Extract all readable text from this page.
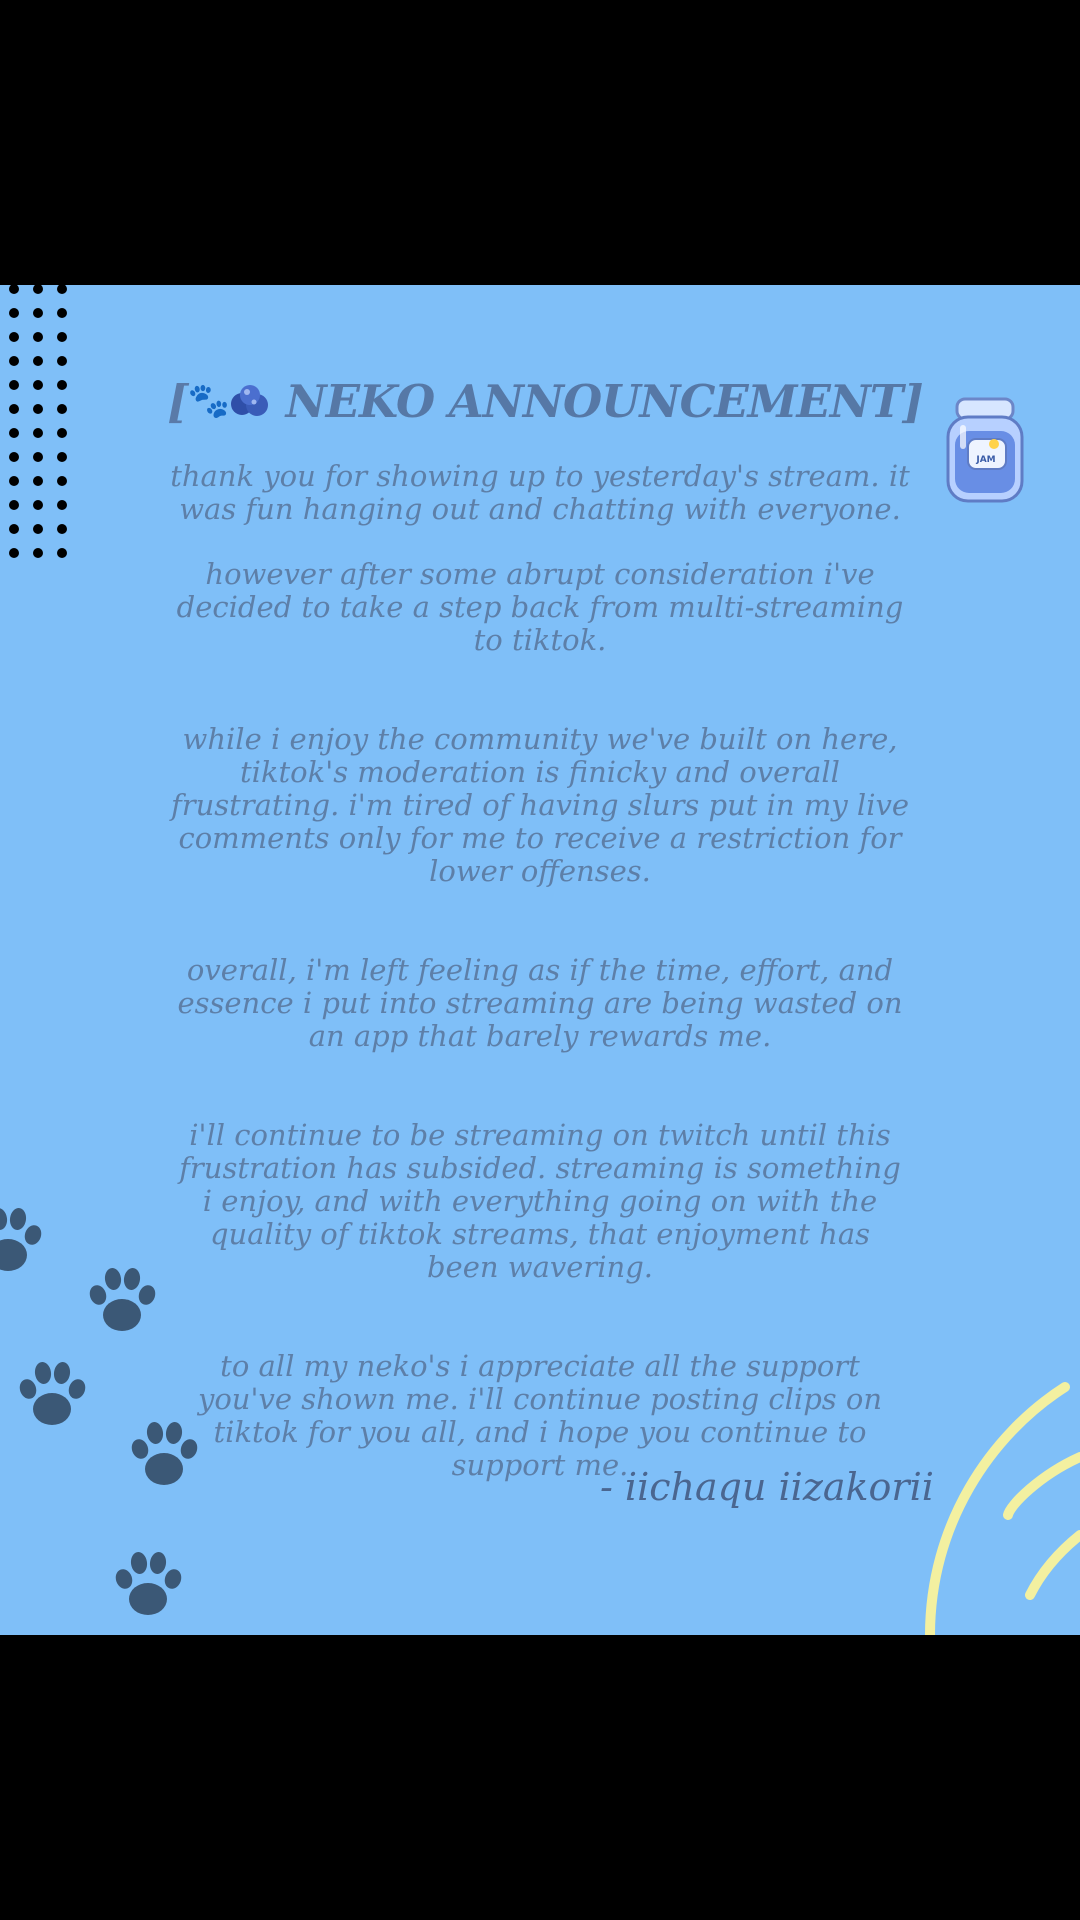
[🐾 NEKO ANNOUNCEMENT]
JAM
thank you for showing up to yesterday's stream. it was fun hanging out and chatting with everyone.
however after some abrupt consideration i've decided to take a step back from multi-streaming to tiktok.
while i enjoy the community we've built on here, tiktok's moderation is finicky and overall frustrating. i'm tired of having slurs put in my live comments only for me to receive a restriction for lower offenses.
overall, i'm left feeling as if the time, effort, and essence i put into streaming are being wasted on an app that barely rewards me.
i'll continue to be streaming on twitch until this frustration has subsided. streaming is something i enjoy, and with everything going on with the quality of tiktok streams, that enjoyment has been wavering.
to all my neko's i appreciate all the support you've shown me. i'll continue posting clips on tiktok for you all, and i hope you continue to support me.
- iichaqu iizakorii
